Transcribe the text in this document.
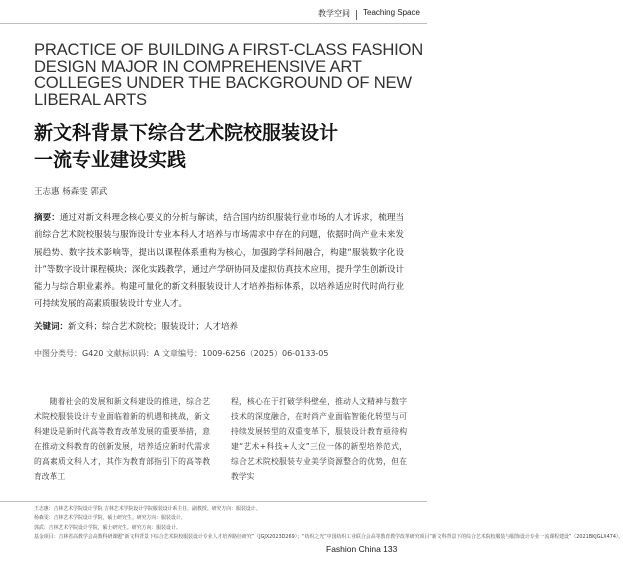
教学空间 Teaching Space
PRACTICE OF BUILDING A FIRST-CLASS FASHION
DESIGN MAJOR IN COMPREHENSIVE ART
COLLEGES UNDER THE BACKGROUND OF NEW
LIBERAL ARTS
新文科背景下综合艺术院校服装设计
一流专业建设实践
王志惠 杨森雯 郭武
摘要：通过对新文科理念核心要义的分析与解读，结合国内纺织服装行业市场的人才诉求，梳理当前综合艺术院校服装与服饰设计专业本科人才培养与市场需求中存在的问题，依据时尚产业未来发展趋势、数字技术影响等，提出以课程体系重构为核心，加强跨学科间融合，构建“服装数字化设计”等数字设计课程模块；深化实践教学，通过产学研协同及虚拟仿真技术应用，提升学生创新设计能力与综合职业素养。构建可量化的新文科服装设计人才培养指标体系，以培养适应时代时尚行业可持续发展的高素质服装设计专业人才。
关键词：新文科；综合艺术院校；服装设计；人才培养
中图分类号：G420 文献标识码：A 文章编号：1009-6256（2025）06-0133-05
随着社会的发展和新文科建设的推进，综合艺术院校服装设计专业面临着新的机遇和挑战，新文科建设是新时代高等教育改革发展的重要举措，意在推动文科教育的创新发展，培养适应新时代需求的高素质文科人才，其作为教育部指引下的高等教育改革工
程，核心在于打破学科壁垒，推动人文精神与数字技术的深度融合，在时尚产业面临智能化转型与可持续发展转型的双重变革下，服装设计教育亟待构建“艺术+科技+人文”三位一体的新型培养范式，综合艺术院校服装专业美学资源整合的优势，但在教学实
王志惠：吉林艺术学院设计学院 吉林艺术学院设计学院服装设计系主任，副教授。研究方向：服装设计。
杨森雯：吉林艺术学院设计学院，硕士研究生。研究方向：服装设计。
郭武：吉林艺术学院设计学院，硕士研究生。研究方向：服装设计。
基金项目：吉林省高教学会高教科研课题“新文科背景下综合艺术院校服装设计专业人才培养路径研究”（JGJX2023D269）；“纺织之光”中国纺织工业联合会高等教育教学改革研究项目“新文科背景下的综合艺术院校服装与服饰设计专业一流课程建设”（2021BKJGLX474）。
Fashion China 133
